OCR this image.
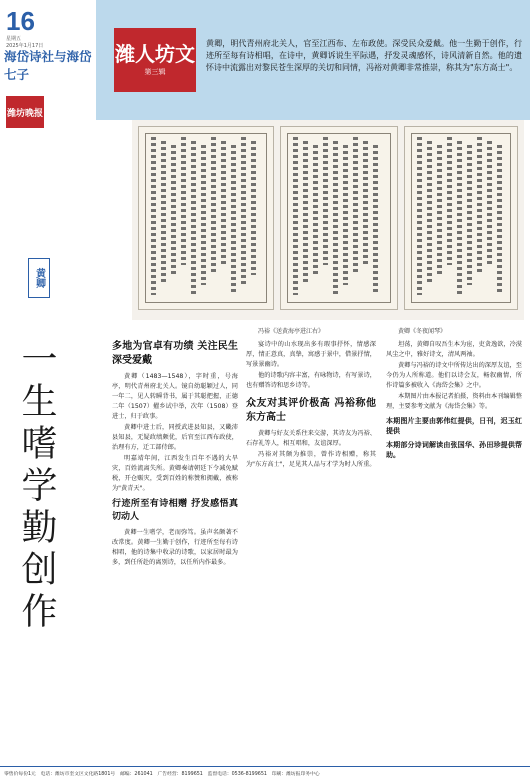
16
星期五
2025年1月17日
海岱诗社与海岱七子
潍坊晚报
黄卿
一生嗜学勤创作
潍人坊文
第三辑
黄卿，明代青州府北关人，官至江西布、左布政使。深受民众爱戴。他一生勤于创作，行迹所至每有诗相唱，在诗中，黄卿诉说生平际遇，抒发灵魂感怀，诗风清新自然。他的遗怀诗中流露出对黎民苍生深厚的关切和同情，冯裕对黄卿非常推崇，称其为"东方高士"。
冯裕《送黄海亭进江右》	黄卿《冬夜闻琴》
多地为官卓有功绩 关注民生深受爱戴

黄卿（1483—1548），字时重，号海亭，明代青州府北关人。镜自幼聪颖过人，同一年二，见人转瞬背书，属于其聪把握，正德二年（1507）擢乡试中举，次年（1508）登进士，归于政事。

黄卿中进士后，同授武进县知县，又畿沛县知县，无疑政绩颇优，后官至江西布政使，治理有方，迁工部侍郎。

明嘉靖年间，江西发生百年不遇的大旱灾，百姓流离失所。黄卿奏请朝廷下令减免赋税，开仓赈灾，受到百姓的称赞和拥戴，被称为"黄青天"。

行迹所至有诗相赠 抒发感悟真切动人

黄卿一生嗜学，老而弥笃。虽声名颇著不改常度。黄卿一生勤于创作，行迹所至每有诗相唱，他的诗集中收录的诗歌，以家居时最为多，到任所赴的离别诗，以任所内作最多。

宴诗中的山水现出多有瑕事抒怀，情感深厚，情正意真，真挚，寓感于景中，借景抒情，写景景幽诗。

他的诗歌内容丰富，有咏物诗，有写景诗，也有赠答诗和思乡诗等。

众友对其评价极高 冯裕称他东方高士

黄卿与好友关系往来交游，其诗友为冯裕、石存礼等人，相互唱和，友谊深厚。

冯裕对其颇为推崇，曾作诗相赠，称其为"东方高士"，足见其人品与才学为时人所重。

坦荡，黄卿自叹吾生本为宦，吏贪逸欲，冷漠风尘之中，雅好诗文，清风两袖。

黄卿与冯裕的诗文中所传达出的深厚友谊，至今仍为人所称道。他们以诗会友，畅叙幽情，所作诗篇多被收入《海岱会集》之中。

本期图片由本报记者拍摄，资料由本刊编辑整理，主要参考文献为《海岱会集》等。

本期图片主要由郭伟红提供，日刊，迟玉红提供

本期部分诗词解读由张国华、孙田珍提供帮助。

零售价每份1元　电话：潍坊市奎文区文化路1801号　邮编：261041　广告经营：8199651　监督电话：0536-8199651　印刷：潍坊报印务中心
